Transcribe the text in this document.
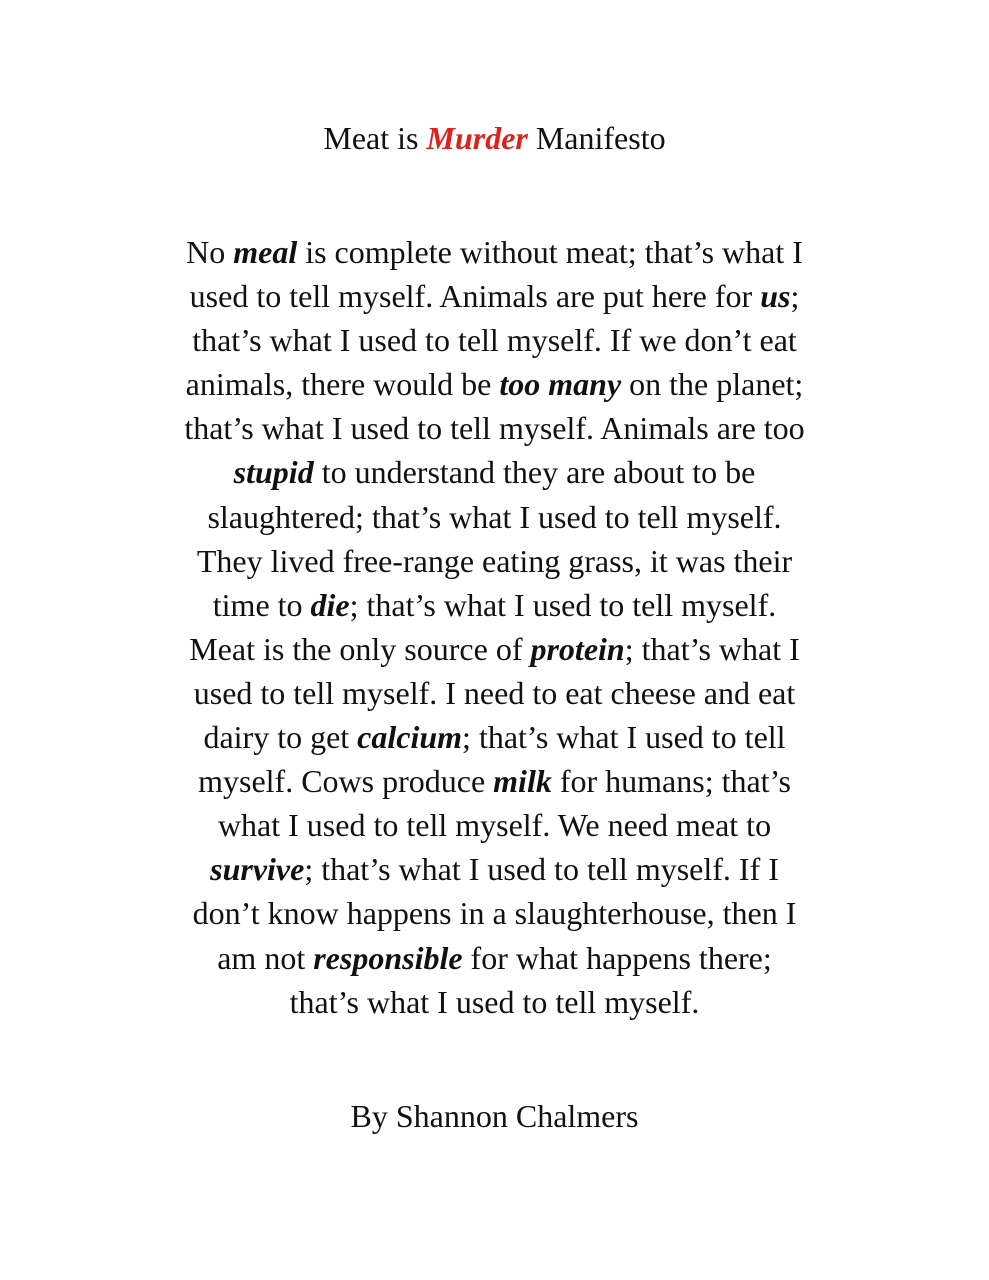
Meat is Murder Manifesto
No meal is complete without meat; that’s what I
used to tell myself. Animals are put here for us;
that’s what I used to tell myself. If we don’t eat
animals, there would be too many on the planet;
that’s what I used to tell myself. Animals are too
stupid to understand they are about to be
slaughtered; that’s what I used to tell myself.
They lived free-range eating grass, it was their
time to die; that’s what I used to tell myself.
Meat is the only source of protein; that’s what I
used to tell myself. I need to eat cheese and eat
dairy to get calcium; that’s what I used to tell
myself. Cows produce milk for humans; that’s
what I used to tell myself. We need meat to
survive; that’s what I used to tell myself. If I
don’t know happens in a slaughterhouse, then I
am not responsible for what happens there;
that’s what I used to tell myself.
By Shannon Chalmers
